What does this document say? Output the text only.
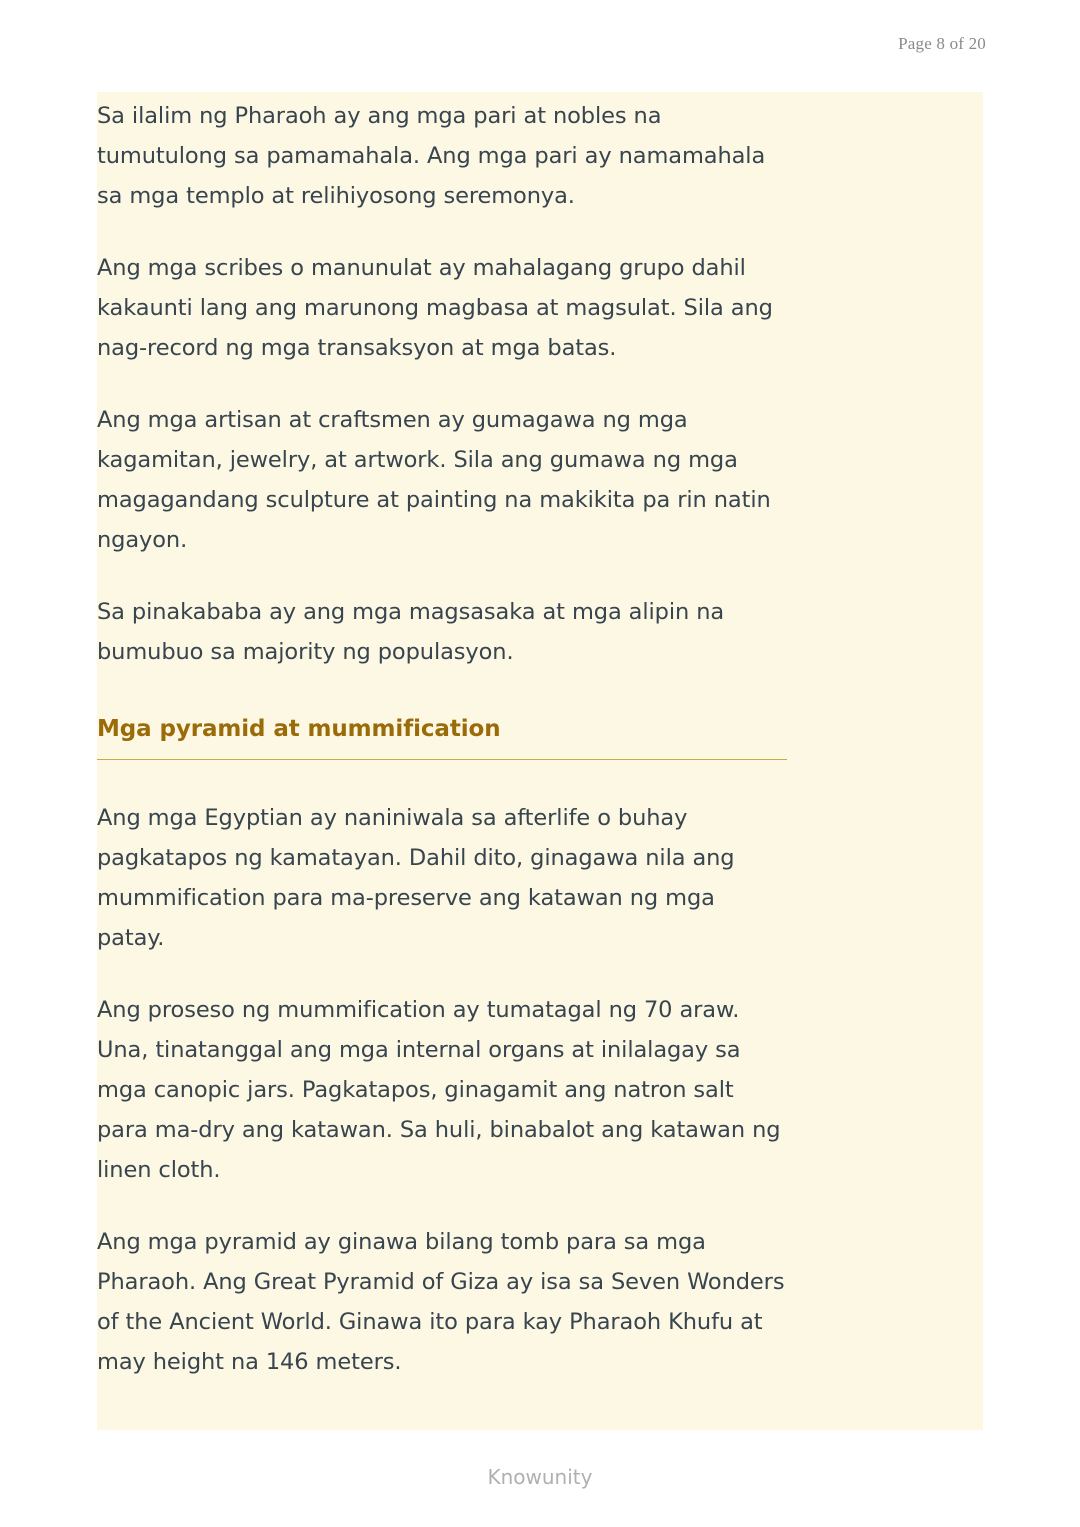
Page 8 of 20

Sa ilalim ng Pharaoh ay ang mga pari at nobles na tumutulong sa pamamahala. Ang mga pari ay namamahala sa mga templo at relihiyosong seremonya.

Ang mga scribes o manunulat ay mahalagang grupo dahil kakaunti lang ang marunong magbasa at magsulat. Sila ang nag-record ng mga transaksyon at mga batas.

Ang mga artisan at craftsmen ay gumagawa ng mga kagamitan, jewelry, at artwork. Sila ang gumawa ng mga magagandang sculpture at painting na makikita pa rin natin ngayon.

Sa pinakababa ay ang mga magsasaka at mga alipin na bumubuo sa majority ng populasyon.

Mga pyramid at mummification

Ang mga Egyptian ay naniniwala sa afterlife o buhay pagkatapos ng kamatayan. Dahil dito, ginagawa nila ang mummification para ma-preserve ang katawan ng mga patay.

Ang proseso ng mummification ay tumatagal ng 70 araw. Una, tinatanggal ang mga internal organs at inilalagay sa mga canopic jars. Pagkatapos, ginagamit ang natron salt para ma-dry ang katawan. Sa huli, binabalot ang katawan ng linen cloth.

Ang mga pyramid ay ginawa bilang tomb para sa mga Pharaoh. Ang Great Pyramid of Giza ay isa sa Seven Wonders of the Ancient World. Ginawa ito para kay Pharaoh Khufu at may height na 146 meters.

Knowunity
